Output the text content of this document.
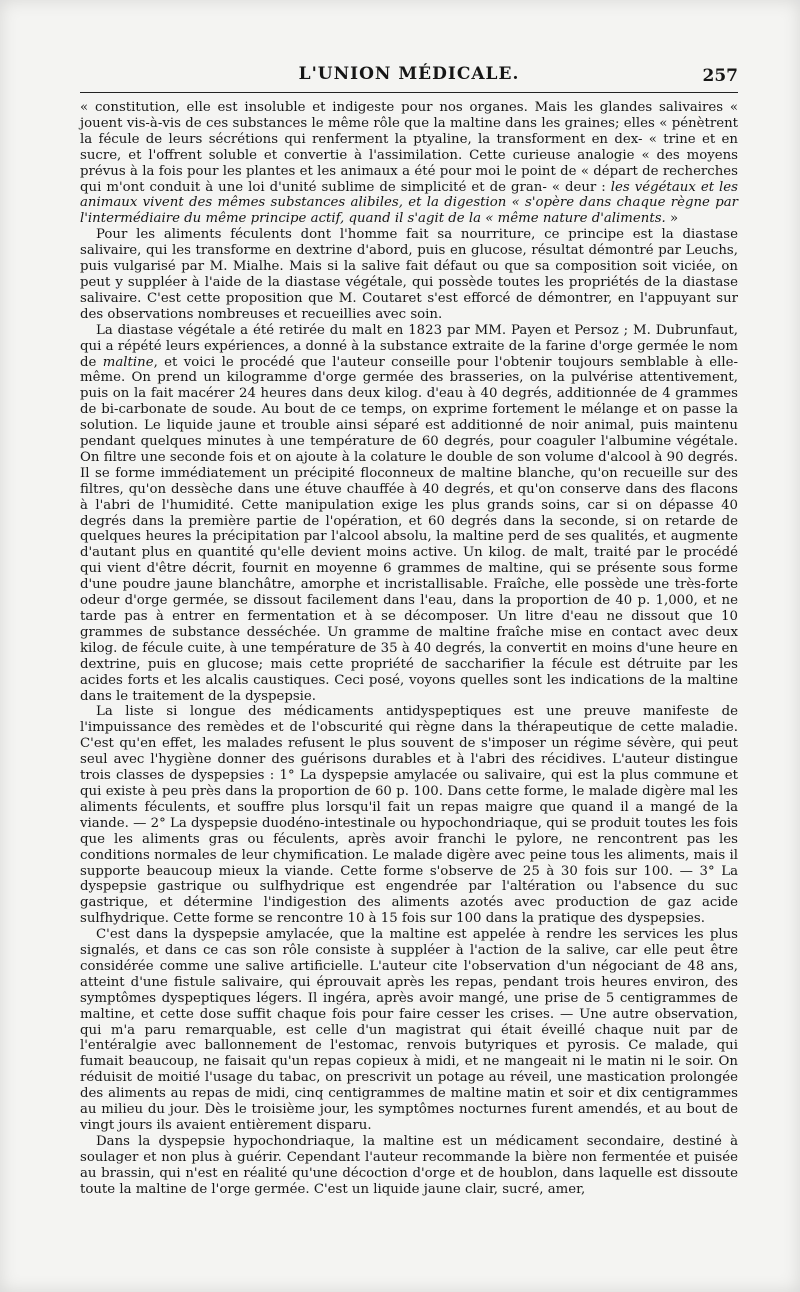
L'UNION MÉDICALE.	257

« constitution, elle est insoluble et indigeste pour nos organes. Mais les glandes salivaires « jouent vis-à-vis de ces substances le même rôle que la maltine dans les graines; elles « pénètrent la fécule de leurs sécrétions qui renferment la ptyaline, la transforment en dex- « trine et en sucre, et l'offrent soluble et convertie à l'assimilation. Cette curieuse analogie « des moyens prévus à la fois pour les plantes et les animaux a été pour moi le point de « départ de recherches qui m'ont conduit à une loi d'unité sublime de simplicité et de gran- « deur : les végétaux et les animaux vivent des mêmes substances alibiles, et la digestion « s'opère dans chaque règne par l'intermédiaire du même principe actif, quand il s'agit de la « même nature d'aliments. »

Pour les aliments féculents dont l'homme fait sa nourriture, ce principe est la diastase salivaire, qui les transforme en dextrine d'abord, puis en glucose, résultat démontré par Leuchs, puis vulgarisé par M. Mialhe. Mais si la salive fait défaut ou que sa composition soit viciée, on peut y suppléer à l'aide de la diastase végétale, qui possède toutes les propriétés de la diastase salivaire. C'est cette proposition que M. Coutaret s'est efforcé de démontrer, en l'appuyant sur des observations nombreuses et recueillies avec soin.

La diastase végétale a été retirée du malt en 1823 par MM. Payen et Persoz ; M. Dubrunfaut, qui a répété leurs expériences, a donné à la substance extraite de la farine d'orge germée le nom de maltine, et voici le procédé que l'auteur conseille pour l'obtenir toujours semblable à elle-même. On prend un kilogramme d'orge germée des brasseries, on la pulvérise attentivement, puis on la fait macérer 24 heures dans deux kilog. d'eau à 40 degrés, additionnée de 4 grammes de bi-carbonate de soude. Au bout de ce temps, on exprime fortement le mélange et on passe la solution. Le liquide jaune et trouble ainsi séparé est additionné de noir animal, puis maintenu pendant quelques minutes à une température de 60 degrés, pour coaguler l'albumine végétale. On filtre une seconde fois et on ajoute à la colature le double de son volume d'alcool à 90 degrés. Il se forme immédiatement un précipité floconneux de maltine blanche, qu'on recueille sur des filtres, qu'on dessèche dans une étuve chauffée à 40 degrés, et qu'on conserve dans des flacons à l'abri de l'humidité. Cette manipulation exige les plus grands soins, car si on dépasse 40 degrés dans la première partie de l'opération, et 60 degrés dans la seconde, si on retarde de quelques heures la précipitation par l'alcool absolu, la maltine perd de ses qualités, et augmente d'autant plus en quantité qu'elle devient moins active. Un kilog. de malt, traité par le procédé qui vient d'être décrit, fournit en moyenne 6 grammes de maltine, qui se présente sous forme d'une poudre jaune blanchâtre, amorphe et incristallisable. Fraîche, elle possède une très-forte odeur d'orge germée, se dissout facilement dans l'eau, dans la proportion de 40 p. 1,000, et ne tarde pas à entrer en fermentation et à se décomposer. Un litre d'eau ne dissout que 10 grammes de substance desséchée. Un gramme de maltine fraîche mise en contact avec deux kilog. de fécule cuite, à une température de 35 à 40 degrés, la convertit en moins d'une heure en dextrine, puis en glucose; mais cette propriété de saccharifier la fécule est détruite par les acides forts et les alcalis caustiques. Ceci posé, voyons quelles sont les indications de la maltine dans le traitement de la dyspepsie.

La liste si longue des médicaments antidyspeptiques est une preuve manifeste de l'impuissance des remèdes et de l'obscurité qui règne dans la thérapeutique de cette maladie. C'est qu'en effet, les malades refusent le plus souvent de s'imposer un régime sévère, qui peut seul avec l'hygiène donner des guérisons durables et à l'abri des récidives. L'auteur distingue trois classes de dyspepsies : 1° La dyspepsie amylacée ou salivaire, qui est la plus commune et qui existe à peu près dans la proportion de 60 p. 100. Dans cette forme, le malade digère mal les aliments féculents, et souffre plus lorsqu'il fait un repas maigre que quand il a mangé de la viande. — 2° La dyspepsie duodéno-intestinale ou hypochondriaque, qui se produit toutes les fois que les aliments gras ou féculents, après avoir franchi le pylore, ne rencontrent pas les conditions normales de leur chymification. Le malade digère avec peine tous les aliments, mais il supporte beaucoup mieux la viande. Cette forme s'observe de 25 à 30 fois sur 100. — 3° La dyspepsie gastrique ou sulfhydrique est engendrée par l'altération ou l'absence du suc gastrique, et détermine l'indigestion des aliments azotés avec production de gaz acide sulfhydrique. Cette forme se rencontre 10 à 15 fois sur 100 dans la pratique des dyspepsies.

C'est dans la dyspepsie amylacée, que la maltine est appelée à rendre les services les plus signalés, et dans ce cas son rôle consiste à suppléer à l'action de la salive, car elle peut être considérée comme une salive artificielle. L'auteur cite l'observation d'un négociant de 48 ans, atteint d'une fistule salivaire, qui éprouvait après les repas, pendant trois heures environ, des symptômes dyspeptiques légers. Il ingéra, après avoir mangé, une prise de 5 centigrammes de maltine, et cette dose suffit chaque fois pour faire cesser les crises. — Une autre observation, qui m'a paru remarquable, est celle d'un magistrat qui était éveillé chaque nuit par de l'entéralgie avec ballonnement de l'estomac, renvois butyriques et pyrosis. Ce malade, qui fumait beaucoup, ne faisait qu'un repas copieux à midi, et ne mangeait ni le matin ni le soir. On réduisit de moitié l'usage du tabac, on prescrivit un potage au réveil, une mastication prolongée des aliments au repas de midi, cinq centigrammes de maltine matin et soir et dix centigrammes au milieu du jour. Dès le troisième jour, les symptômes nocturnes furent amendés, et au bout de vingt jours ils avaient entièrement disparu.

Dans la dyspepsie hypochondriaque, la maltine est un médicament secondaire, destiné à soulager et non plus à guérir. Cependant l'auteur recommande la bière non fermentée et puisée au brassin, qui n'est en réalité qu'une décoction d'orge et de houblon, dans laquelle est dissoute toute la maltine de l'orge germée. C'est un liquide jaune clair, sucré, amer,
